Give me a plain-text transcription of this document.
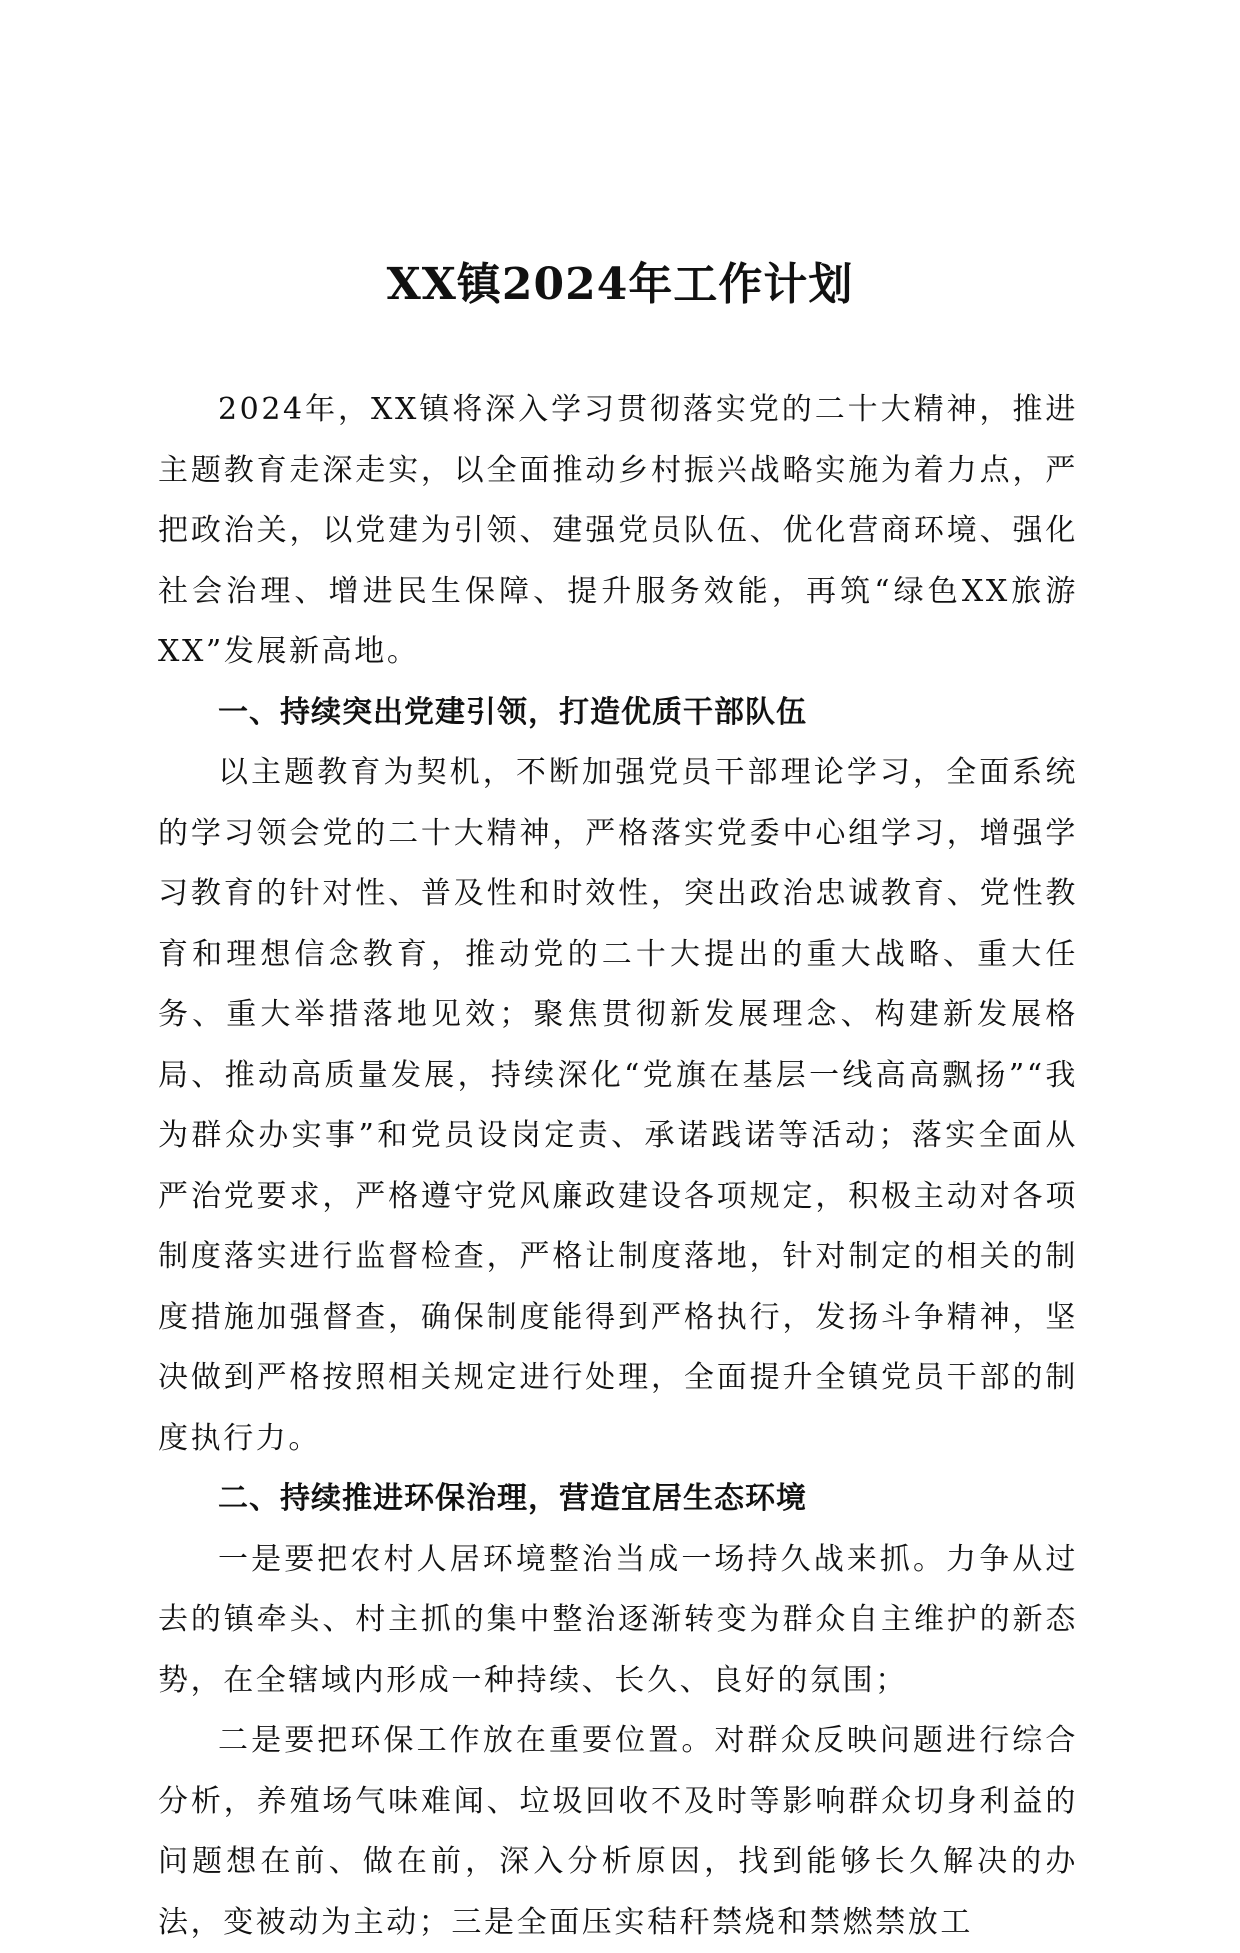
XX镇2024年工作计划

2024年，XX镇将深入学习贯彻落实党的二十大精神，推进主题教育走深走实，以全面推动乡村振兴战略实施为着力点，严把政治关，以党建为引领、建强党员队伍、优化营商环境、强化社会治理、增进民生保障、提升服务效能，再筑“绿色XX旅游XX”发展新高地。

一、持续突出党建引领，打造优质干部队伍

以主题教育为契机，不断加强党员干部理论学习，全面系统的学习领会党的二十大精神，严格落实党委中心组学习，增强学习教育的针对性、普及性和时效性，突出政治忠诚教育、党性教育和理想信念教育，推动党的二十大提出的重大战略、重大任务、重大举措落地见效；聚焦贯彻新发展理念、构建新发展格局、推动高质量发展，持续深化“党旗在基层一线高高飘扬”“我为群众办实事”和党员设岗定责、承诺践诺等活动；落实全面从严治党要求，严格遵守党风廉政建设各项规定，积极主动对各项制度落实进行监督检查，严格让制度落地，针对制定的相关的制度措施加强督查，确保制度能得到严格执行，发扬斗争精神，坚决做到严格按照相关规定进行处理，全面提升全镇党员干部的制度执行力。

二、持续推进环保治理，营造宜居生态环境

一是要把农村人居环境整治当成一场持久战来抓。力争从过去的镇牵头、村主抓的集中整治逐渐转变为群众自主维护的新态势，在全辖域内形成一种持续、长久、良好的氛围；

二是要把环保工作放在重要位置。对群众反映问题进行综合分析，养殖场气味难闻、垃圾回收不及时等影响群众切身利益的问题想在前、做在前，深入分析原因，找到能够长久解决的办法，变被动为主动；三是全面压实秸秆禁烧和禁燃禁放工
